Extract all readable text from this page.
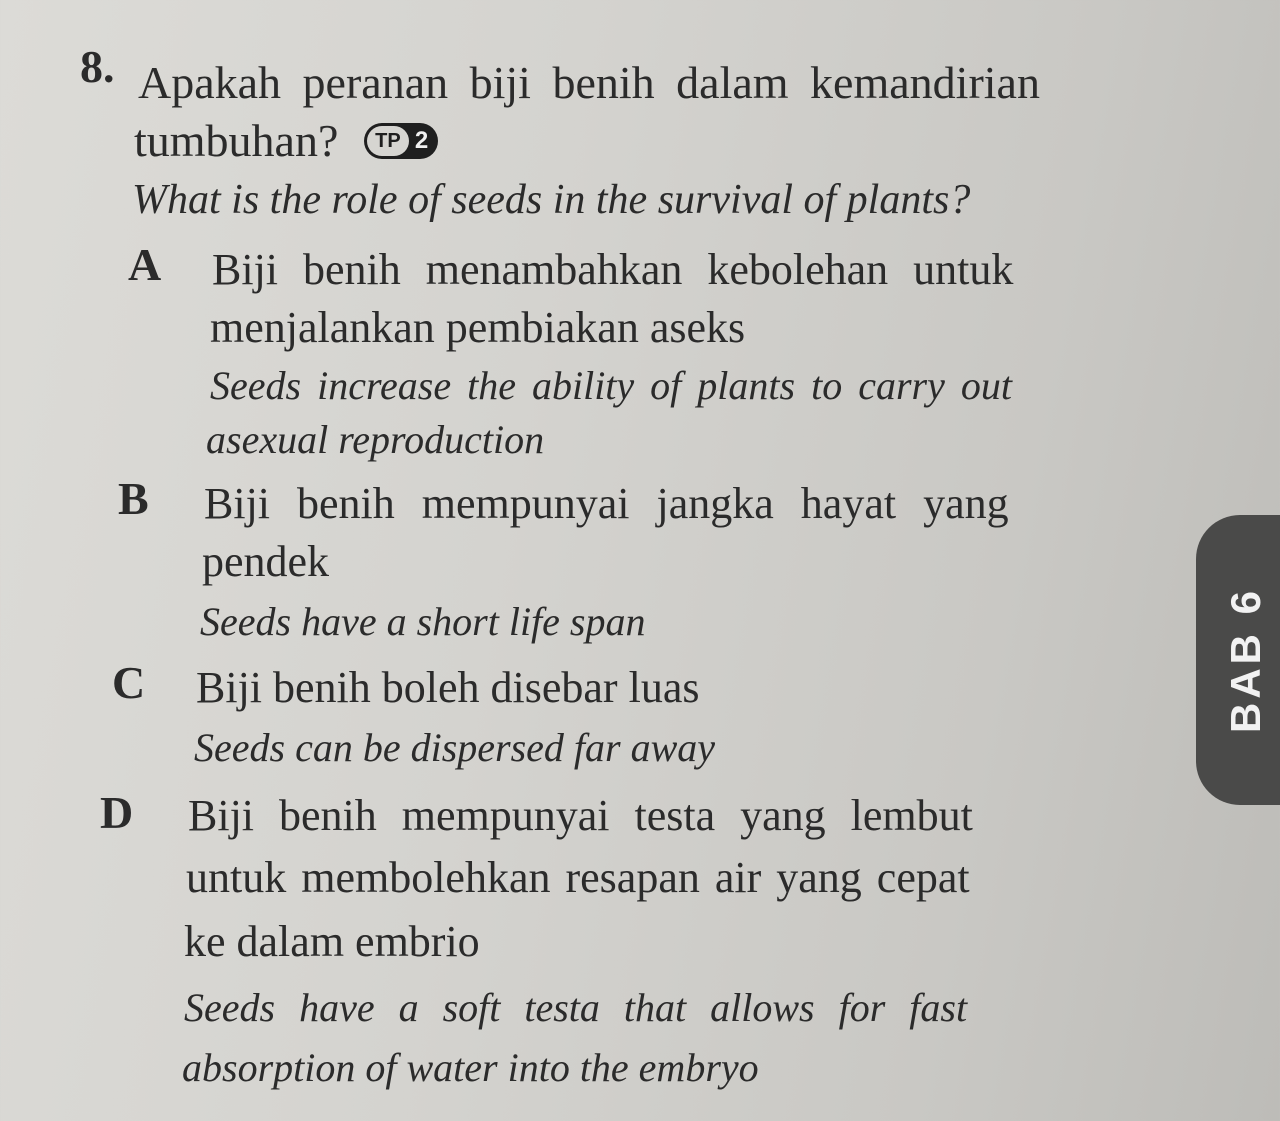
8. Apakah peranan biji benih dalam kemandirian
tumbuhan?	TP 2
What is the role of seeds in the survival of plants?
A Biji benih menambahkan kebolehan untuk
menjalankan pembiakan aseks
Seeds increase the ability of plants to carry out
asexual reproduction
B Biji benih mempunyai jangka hayat yang
pendek
Seeds have a short life span
C Biji benih boleh disebar luas
Seeds can be dispersed far away
D Biji benih mempunyai testa yang lembut
untuk membolehkan resapan air yang cepat
ke dalam embrio
Seeds have a soft testa that allows for fast
absorption of water into the embryo
BAB 6
